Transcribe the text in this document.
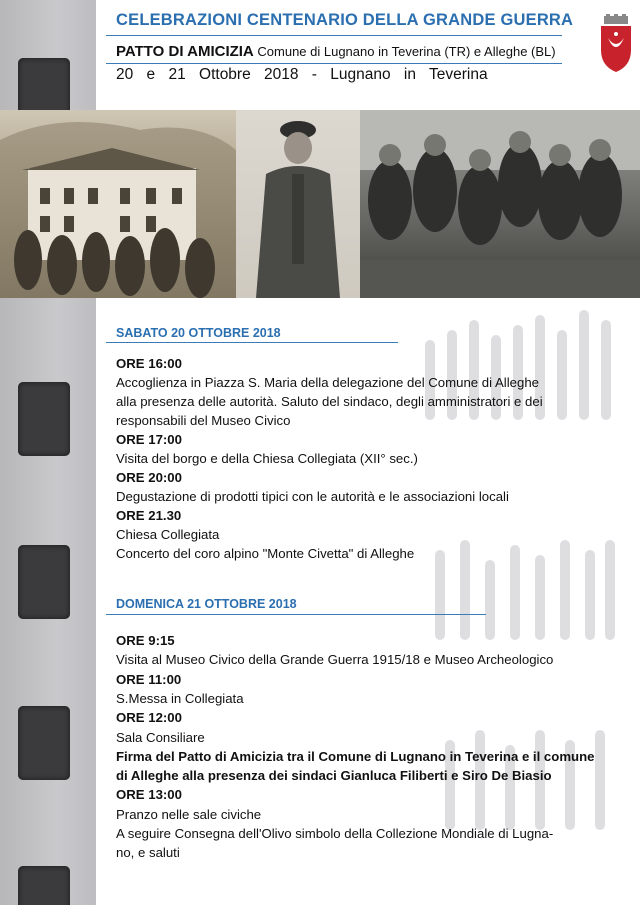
CELEBRAZIONI CENTENARIO DELLA GRANDE GUERRA
PATTO DI AMICIZIA Comune di Lugnano in Teverina (TR) e Alleghe (BL)
20 e 21 Ottobre 2018 - Lugnano in Teverina
SABATO 20 OTTOBRE 2018
ORE 16:00
Accoglienza in Piazza S. Maria della delegazione del Comune di Alleghe
alla presenza delle autorità. Saluto del sindaco, degli amministratori e dei
responsabili del Museo Civico
ORE 17:00
Visita del borgo e della Chiesa Collegiata (XII° sec.)
ORE 20:00
Degustazione di prodotti tipici con le autorità e le associazioni locali
ORE 21.30
Chiesa Collegiata
Concerto del coro alpino "Monte Civetta" di Alleghe
DOMENICA 21 OTTOBRE 2018
ORE 9:15
Visita al Museo Civico della Grande Guerra 1915/18 e Museo Archeologico
ORE 11:00
S.Messa in Collegiata
ORE 12:00
Sala Consiliare
Firma del Patto di Amicizia tra il Comune di Lugnano in Teverina e il comune
di Alleghe alla presenza dei sindaci Gianluca Filiberti e Siro De Biasio
ORE 13:00
Pranzo nelle sale civiche
A seguire Consegna dell'Olivo simbolo della Collezione Mondiale di Lugna-
no, e saluti
